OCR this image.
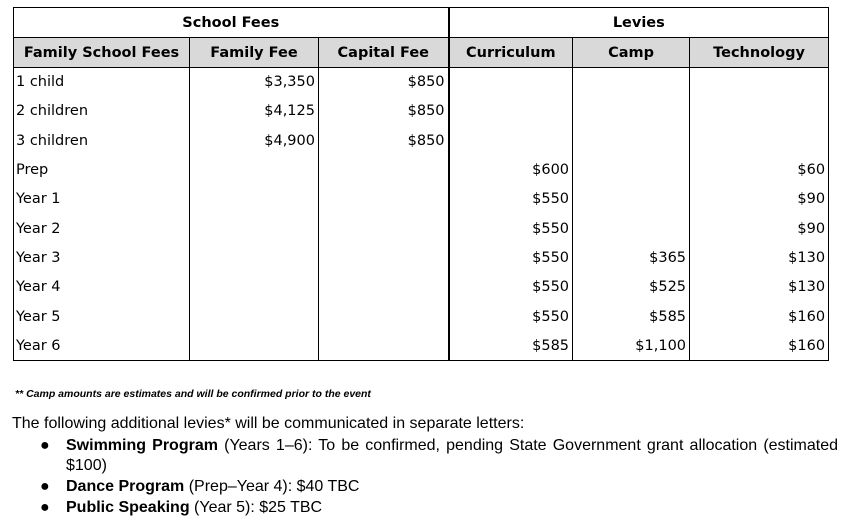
School Fees			Levies		
Family School Fees	Family Fee	Capital Fee	Curriculum	Camp	Technology
1 child	$3,350	$850			
2 children	$4,125	$850			
3 children	$4,900	$850			
Prep			$600		$60
Year 1			$550		$90
Year 2			$550		$90
Year 3			$550	$365	$130
Year 4			$550	$525	$130
Year 5			$550	$585	$160
Year 6			$585	$1,100	$160
** Camp amounts are estimates and will be confirmed prior to the event
The following additional levies* will be communicated in separate letters:
● Swimming Program (Years 1–6): To be confirmed, pending State Government grant allocation (estimated $100)
● Dance Program (Prep–Year 4): $40 TBC
● Public Speaking (Year 5): $25 TBC
